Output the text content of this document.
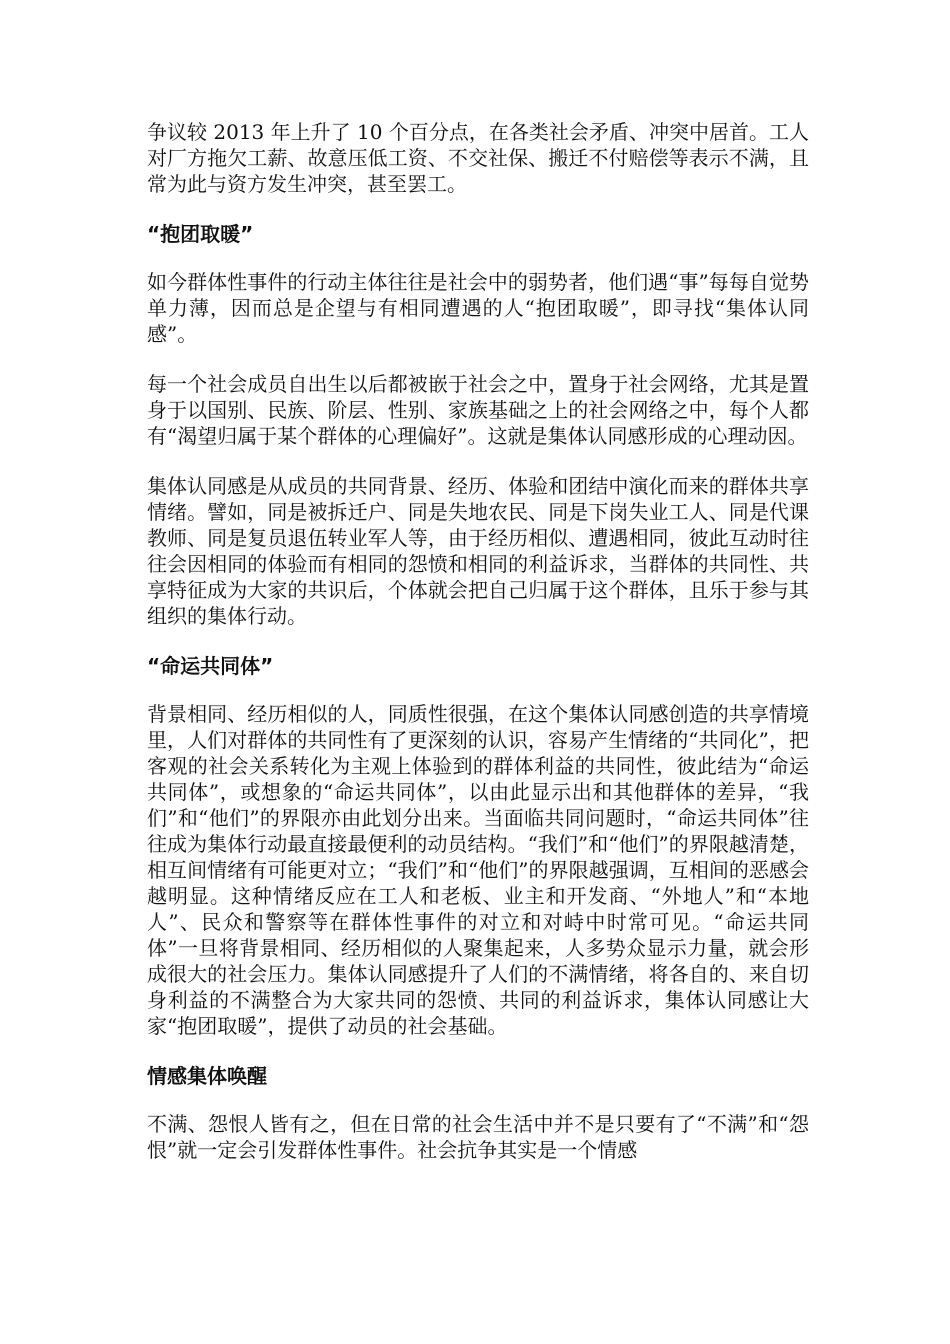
争议较 2013 年上升了 10 个百分点，在各类社会矛盾、冲突中居首。工人对厂方拖欠工薪、故意压低工资、不交社保、搬迁不付赔偿等表示不满，且常为此与资方发生冲突，甚至罢工。

“抱团取暖”

如今群体性事件的行动主体往往是社会中的弱势者，他们遇“事”每每自觉势单力薄，因而总是企望与有相同遭遇的人“抱团取暖”，即寻找“集体认同感”。

每一个社会成员自出生以后都被嵌于社会之中，置身于社会网络，尤其是置身于以国别、民族、阶层、性别、家族基础之上的社会网络之中，每个人都有“渴望归属于某个群体的心理偏好”。这就是集体认同感形成的心理动因。

集体认同感是从成员的共同背景、经历、体验和团结中演化而来的群体共享情绪。譬如，同是被拆迁户、同是失地农民、同是下岗失业工人、同是代课教师、同是复员退伍转业军人等，由于经历相似、遭遇相同，彼此互动时往往会因相同的体验而有相同的怨愤和相同的利益诉求，当群体的共同性、共享特征成为大家的共识后，个体就会把自己归属于这个群体，且乐于参与其组织的集体行动。

“命运共同体”

背景相同、经历相似的人，同质性很强，在这个集体认同感创造的共享情境里，人们对群体的共同性有了更深刻的认识，容易产生情绪的“共同化”，把客观的社会关系转化为主观上体验到的群体利益的共同性，彼此结为“命运共同体”，或想象的“命运共同体”，以由此显示出和其他群体的差异，“我们”和“他们”的界限亦由此划分出来。当面临共同问题时，“命运共同体”往往成为集体行动最直接最便利的动员结构。“我们”和“他们”的界限越清楚，相互间情绪有可能更对立；“我们”和“他们”的界限越强调，互相间的恶感会越明显。这种情绪反应在工人和老板、业主和开发商、“外地人”和“本地人”、民众和警察等在群体性事件的对立和对峙中时常可见。“命运共同体”一旦将背景相同、经历相似的人聚集起来，人多势众显示力量，就会形成很大的社会压力。集体认同感提升了人们的不满情绪，将各自的、来自切身利益的不满整合为大家共同的怨愤、共同的利益诉求，集体认同感让大家“抱团取暖”，提供了动员的社会基础。

情感集体唤醒

不满、怨恨人皆有之，但在日常的社会生活中并不是只要有了“不满”和“怨恨”就一定会引发群体性事件。社会抗争其实是一个情感
